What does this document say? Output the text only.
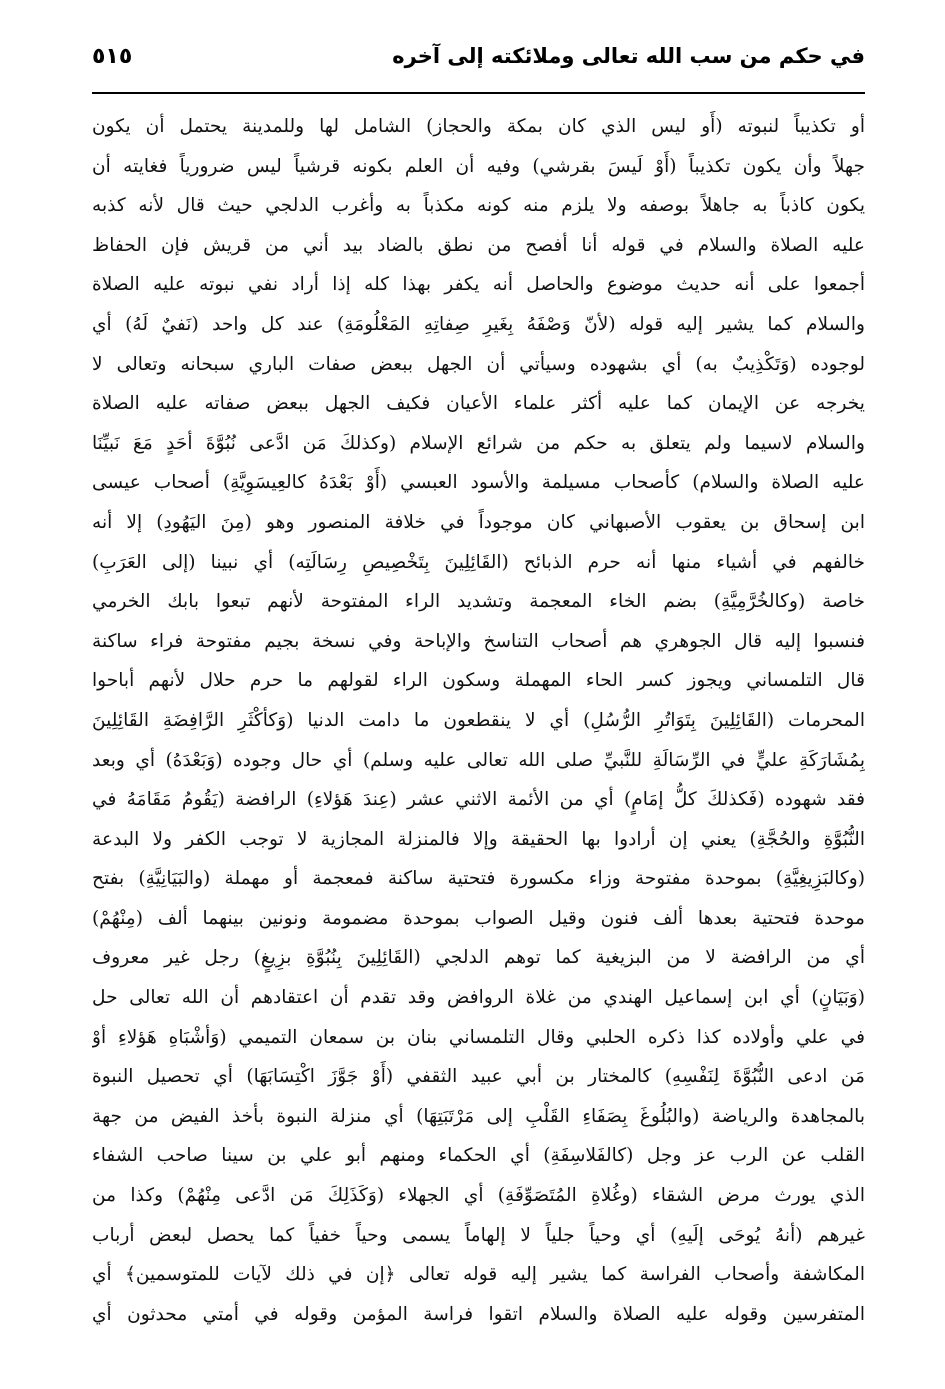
في حكم من سب الله تعالى وملائكته إلى آخره
٥١٥
أو تكذيباً لنبوته (أَو ليس الذي كان بمكة والحجاز) الشامل لها وللمدينة يحتمل أن يكون
جهلاً وأن يكون تكذيباً (أَوْ لَيسَ بقرشي) وفيه أن العلم بكونه قرشياً ليس ضرورياً فغايته أن
يكون كاذباً به جاهلاً بوصفه ولا يلزم منه كونه مكذباً به وأغرب الدلجي حيث قال لأنه كذبه
عليه الصلاة والسلام في قوله أنا أفصح من نطق بالضاد بيد أني من قريش فإن الحفاظ
أجمعوا على أنه حديث موضوع والحاصل أنه يكفر بهذا كله إذا أراد نفي نبوته عليه الصلاة
والسلام كما يشير إليه قوله (لأنّ وَصْفَهُ بِغَيرِ صِفاتِهِ المَعْلُومَةِ) عند كل واحد (نَفيٌ لَهُ) أي
لوجوده (وَتَكْذِيبٌ به) أي بشهوده وسيأتي أن الجهل ببعض صفات الباري سبحانه وتعالى لا
يخرجه عن الإيمان كما عليه أكثر علماء الأعيان فكيف الجهل ببعض صفاته عليه الصلاة
والسلام لاسيما ولم يتعلق به حكم من شرائع الإسلام (وكذلكَ مَن ادَّعى نُبُوَّةَ أحَدٍ مَعَ نَبيِّنَا
عليه الصلاة والسلام) كأصحاب مسيلمة والأسود العبسي (أَوْ بَعْدَهُ كالعِيسَوِيَّةِ) أصحاب عيسى
ابن إسحاق بن يعقوب الأصبهاني كان موجوداً في خلافة المنصور وهو (مِنَ اليَهُودِ) إلا أنه
خالفهم في أشياء منها أنه حرم الذبائح (القَائِلِينَ بِتَخْصِيصِ رِسَالَتِه) أي نبينا (إلى العَرَبِ)
خاصة (وكالخُرَّمِيَّةِ) بضم الخاء المعجمة وتشديد الراء المفتوحة لأنهم تبعوا بابك الخرمي
فنسبوا إليه قال الجوهري هم أصحاب التناسخ والإباحة وفي نسخة بجيم مفتوحة فراء ساكنة
قال التلمساني ويجوز كسر الحاء المهملة وسكون الراء لقولهم ما حرم حلال لأنهم أباحوا
المحرمات (القَائِلِينَ بِتَوَاتُرِ الرُّسُلِ) أي لا ينقطعون ما دامت الدنيا (وَكأكْثَرِ الرَّافِضَةِ القَائِلِينَ
بِمُشَارَكَةِ عليٍّ في الرِّسَالَةِ للنَّبيِّ صلى الله تعالى عليه وسلم) أي حال وجوده (وَبَعْدَهُ) أي وبعد
فقد شهوده (فَكذلكَ كلُّ إمَامٍ) أي من الأئمة الاثني عشر (عِندَ هَؤلاءِ) الرافضة (يَقُومُ مَقَامَهُ في
النُّبُوَّةِ والحُجَّةِ) يعني إن أرادوا بها الحقيقة وإلا فالمنزلة المجازية لا توجب الكفر ولا البدعة
(وكالبَزِيغِيَّةِ) بموحدة مفتوحة وزاء مكسورة فتحتية ساكنة فمعجمة أو مهملة (والبَيَانِيَّةِ) بفتح
موحدة فتحتية بعدها ألف فنون وقيل الصواب بموحدة مضمومة ونونين بينهما ألف (مِنْهُمْ)
أي من الرافضة لا من البزيغية كما توهم الدلجي (القَائِلِينَ بِنُبُوَّةِ بزِيغٍ) رجل غير معروف
(وَبَيَانٍ) أي ابن إسماعيل الهندي من غلاة الروافض وقد تقدم أن اعتقادهم أن الله تعالى حل
في علي وأولاده كذا ذكره الحلبي وقال التلمساني بنان بن سمعان التميمي (وَأشْبَاهِ هَؤلاءِ أوْ
مَن ادعى النُّبُوَّةَ لِنَفْسِهِ) كالمختار بن أبي عبيد الثقفي (أَوْ جَوَّزَ اكْتِسَابَهَا) أي تحصيل النبوة
بالمجاهدة والرياضة (والبُلُوغَ بِصَفَاءِ القَلْبِ إلى مَرْتَبَتِهَا) أي منزلة النبوة بأخذ الفيض من جهة
القلب عن الرب عز وجل (كالفَلاسِفَةِ) أي الحكماء ومنهم أبو علي بن سينا صاحب الشفاء
الذي يورث مرض الشقاء (وغُلاةِ المُتَصَوِّفَةِ) أي الجهلاء (وَكَذَلِكَ مَن ادَّعى مِنْهُمْ) وكذا من
غيرهم (أنهُ يُوحَى إلَيهِ) أي وحياً جلياً لا إلهاماً يسمى وحياً خفياً كما يحصل لبعض أرباب
المكاشفة وأصحاب الفراسة كما يشير إليه قوله تعالى ﴿إن في ذلك لآيات للمتوسمين﴾ أي
المتفرسين وقوله عليه الصلاة والسلام اتقوا فراسة المؤمن وقوله في أمتي محدثون أي
